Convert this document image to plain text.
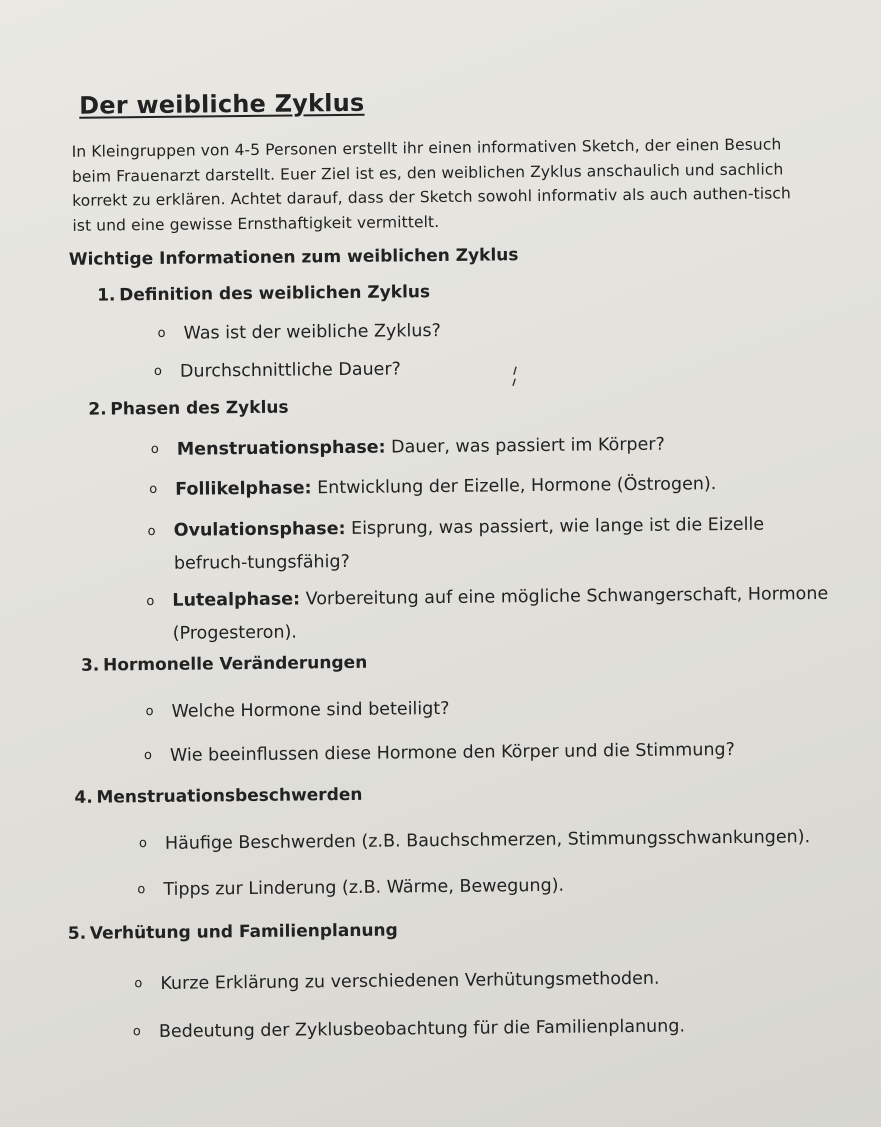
Der weibliche Zyklus

In Kleingruppen von 4-5 Personen erstellt ihr einen informativen Sketch, der einen Besuch beim Frauenarzt darstellt. Euer Ziel ist es, den weiblichen Zyklus anschaulich und sachlich korrekt zu erklären. Achtet darauf, dass der Sketch sowohl informativ als auch authen-tisch ist und eine gewisse Ernsthaftigkeit vermittelt.

Wichtige Informationen zum weiblichen Zyklus

1. Definition des weiblichen Zyklus

o Was ist der weibliche Zyklus?
o Durchschnittliche Dauer?

2. Phasen des Zyklus

o Menstruationsphase: Dauer, was passiert im Körper?
o Follikelphase: Entwicklung der Eizelle, Hormone (Östrogen).
o Ovulationsphase: Eisprung, was passiert, wie lange ist die Eizelle befruch-tungsfähig?
o Lutealphase: Vorbereitung auf eine mögliche Schwangerschaft, Hormone (Progesteron).

3. Hormonelle Veränderungen

o Welche Hormone sind beteiligt?
o Wie beeinflussen diese Hormone den Körper und die Stimmung?

4. Menstruationsbeschwerden

o Häufige Beschwerden (z.B. Bauchschmerzen, Stimmungsschwankungen).
o Tipps zur Linderung (z.B. Wärme, Bewegung).

5. Verhütung und Familienplanung

o Kurze Erklärung zu verschiedenen Verhütungsmethoden.
o Bedeutung der Zyklusbeobachtung für die Familienplanung.
